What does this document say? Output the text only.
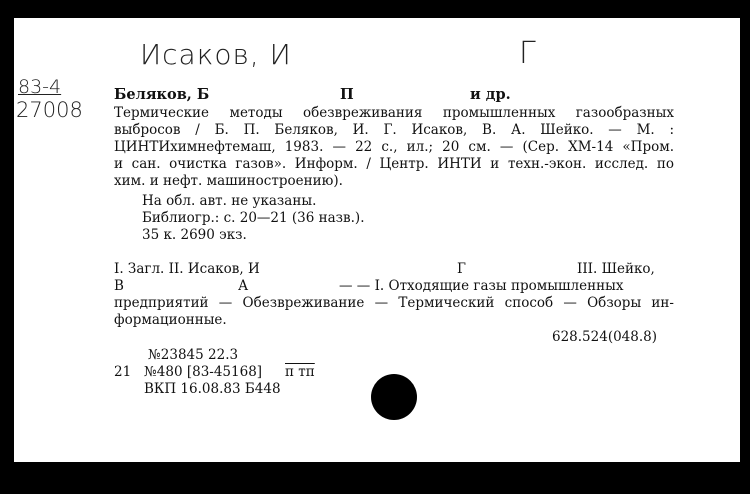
Исаков, И	Г
83-4
27008
Беляков, Б	П	и др.
Термические методы обезвреживания промышленных газообразных
выбросов / Б. П. Беляков, И. Г. Исаков, В. А. Шейко. — М. :
ЦИНТИхимнефтемаш, 1983. — 22 с., ил.; 20 см. — (Сер. ХМ-14 «Пром.
и сан. очистка газов». Информ. / Центр. ИНТИ и техн.-экон. исслед. по
хим. и нефт. машиностроению).
На обл. авт. не указаны.
Библиогр.: с. 20—21 (36 назв.).
35 к. 2690 экз.
I. Загл. II. Исаков, И	Г	III. Шейко,
В	А	— — I. Отходящие газы промышленных
предприятий — Обезвреживание — Термический способ — Обзоры ин-
формационные.
628.524(048.8)
№23845 22.3
21 №480 [83-45168] п тп
ВКП 16.08.83 Б448
